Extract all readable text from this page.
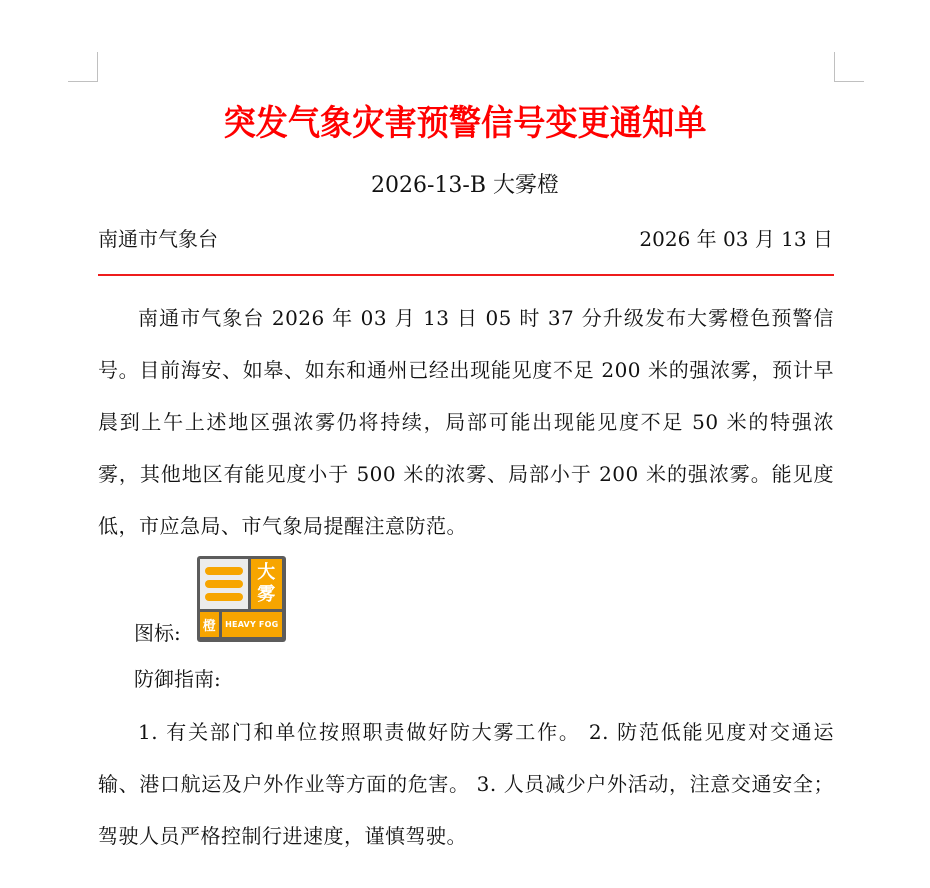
突发气象灾害预警信号变更通知单
2026-13-B 大雾橙
南通市气象台	2026 年 03 月 13 日
南通市气象台 2026 年 03 月 13 日 05 时 37 分升级发布大雾橙色预警信号。目前海安、如皋、如东和通州已经出现能见度不足 200 米的强浓雾，预计早晨到上午上述地区强浓雾仍将持续，局部可能出现能见度不足 50 米的特强浓雾，其他地区有能见度小于 500 米的浓雾、局部小于 200 米的强浓雾。能见度低，市应急局、市气象局提醒注意防范。
图标:
大
雾
橙	HEAVY FOG
防御指南:
1. 有关部门和单位按照职责做好防大雾工作。 2. 防范低能见度对交通运输、港口航运及户外作业等方面的危害。 3. 人员减少户外活动，注意交通安全；驾驶人员严格控制行进速度，谨慎驾驶。
